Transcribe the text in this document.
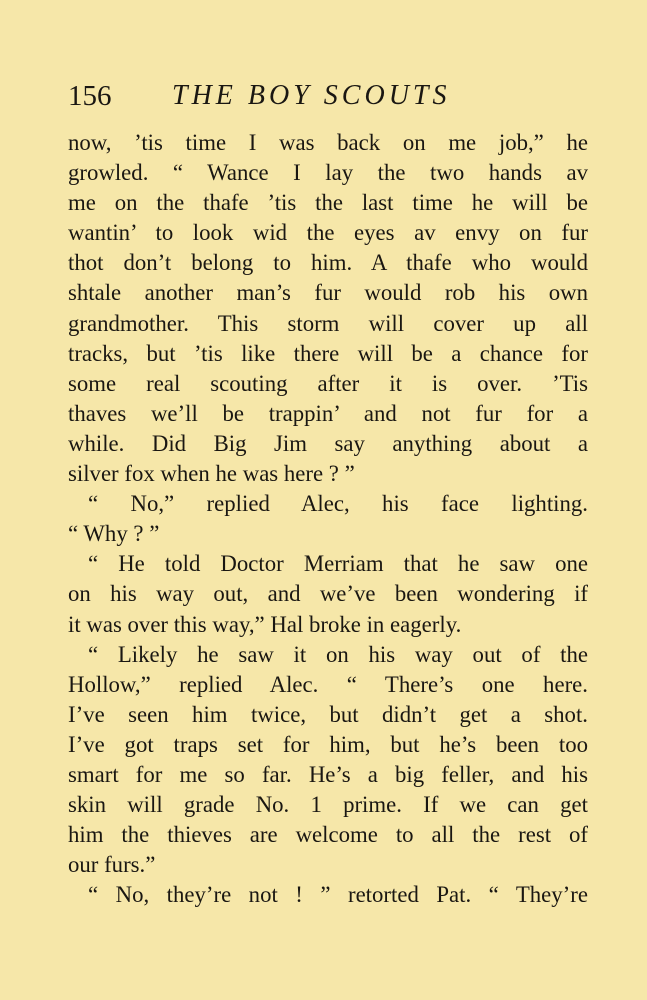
156 THE BOY SCOUTS
now, ’tis time I was back on me job,” he
growled. “ Wance I lay the two hands av
me on the thafe ’tis the last time he will be
wantin’ to look wid the eyes av envy on fur
thot don’t belong to him. A thafe who would
shtale another man’s fur would rob his own
grandmother. This storm will cover up all
tracks, but ’tis like there will be a chance for
some real scouting after it is over. ’Tis
thaves we’ll be trappin’ and not fur for a
while. Did Big Jim say anything about a
silver fox when he was here ? ”
“ No,” replied Alec, his face lighting.
“ Why ? ”
“ He told Doctor Merriam that he saw one
on his way out, and we’ve been wondering if
it was over this way,” Hal broke in eagerly.
“ Likely he saw it on his way out of the
Hollow,” replied Alec. “ There’s one here.
I’ve seen him twice, but didn’t get a shot.
I’ve got traps set for him, but he’s been too
smart for me so far. He’s a big feller, and his
skin will grade No. 1 prime. If we can get
him the thieves are welcome to all the rest of
our furs.”
“ No, they’re not ! ” retorted Pat. “ They’re
